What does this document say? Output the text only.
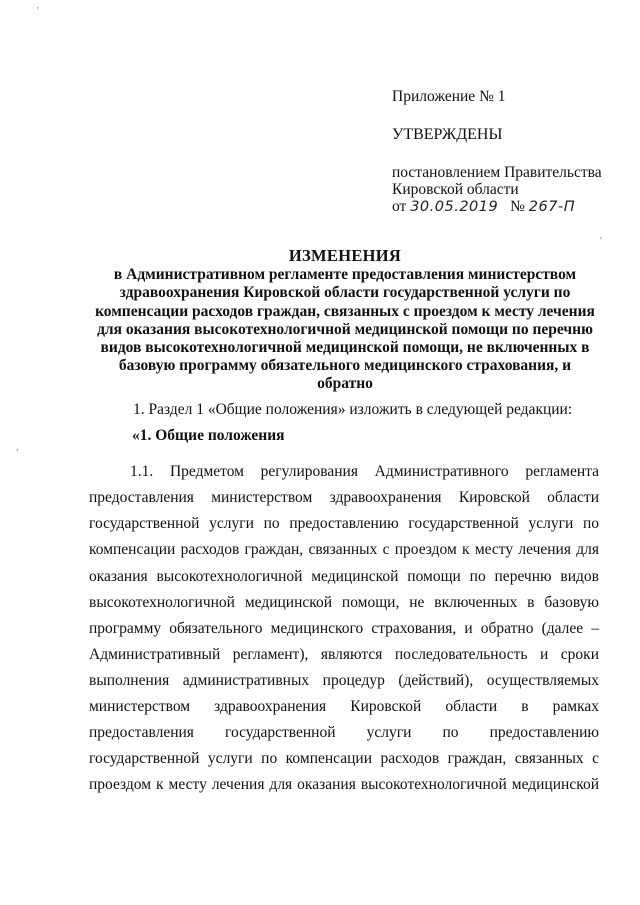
'
,
'
Приложение № 1
УТВЕРЖДЕНЫ
постановлением Правительства
Кировской области
от 30.05.2019 № 267-П
ИЗМЕНЕНИЯ
в Административном регламенте предоставления министерством
здравоохранения Кировской области государственной услуги по
компенсации расходов граждан, связанных с проездом к месту лечения
для оказания высокотехнологичной медицинской помощи по перечню
видов высокотехнологичной медицинской помощи, не включенных в
базовую программу обязательного медицинского страхования, и обратно
1. Раздел 1 «Общие положения» изложить в следующей редакции:
«1. Общие положения
1.1. Предметом регулирования Административного регламента
предоставления министерством здравоохранения Кировской области
государственной услуги по предоставлению государственной услуги по
компенсации расходов граждан, связанных с проездом к месту лечения для
оказания высокотехнологичной медицинской помощи по перечню видов
высокотехнологичной медицинской помощи, не включенных в базовую
программу обязательного медицинского страхования, и обратно (далее –
Административный регламент), являются последовательность и сроки
выполнения административных процедур (действий), осуществляемых
министерством здравоохранения Кировской области в рамках
предоставления государственной услуги по предоставлению
государственной услуги по компенсации расходов граждан, связанных с
проездом к месту лечения для оказания высокотехнологичной медицинской
